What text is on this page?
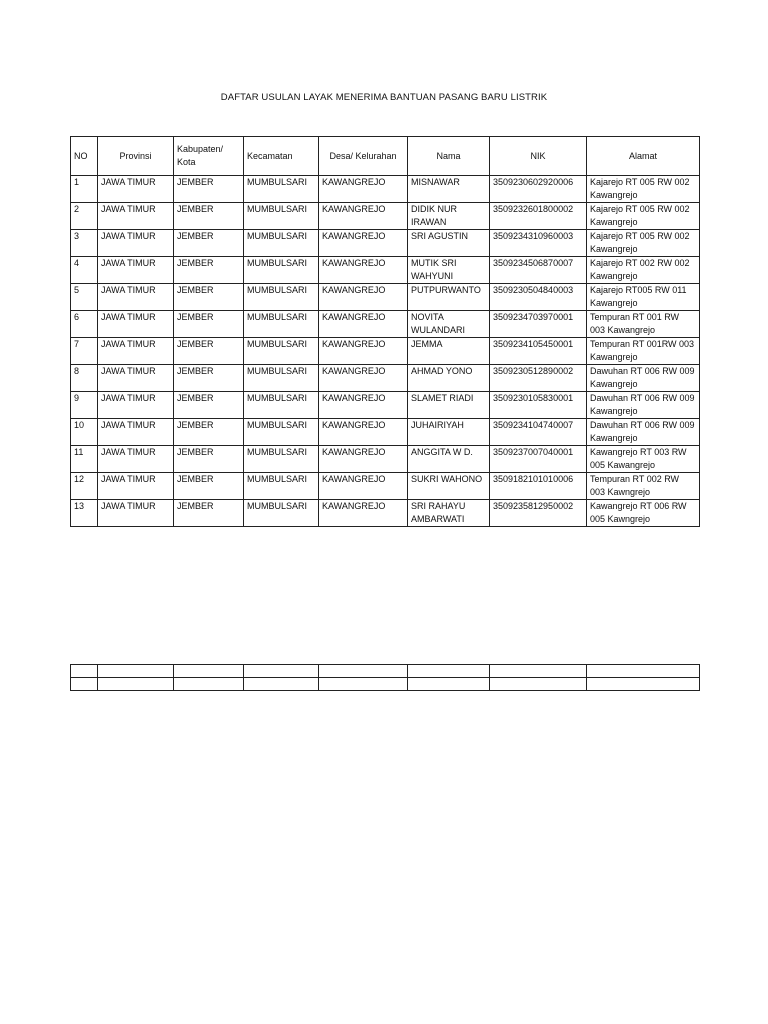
DAFTAR USULAN LAYAK MENERIMA BANTUAN PASANG BARU LISTRIK
NO	Provinsi	Kabupaten/ Kota	Kecamatan	Desa/ Kelurahan	Nama	NIK	Alamat
1	JAWA TIMUR	JEMBER	MUMBULSARI	KAWANGREJO	MISNAWAR	3509230602920006	Kajarejo RT 005 RW 002 Kawangrejo
2	JAWA TIMUR	JEMBER	MUMBULSARI	KAWANGREJO	DIDIK NUR IRAWAN	3509232601800002	Kajarejo RT 005 RW 002 Kawangrejo
3	JAWA TIMUR	JEMBER	MUMBULSARI	KAWANGREJO	SRI AGUSTIN	3509234310960003	Kajarejo RT 005 RW 002 Kawangrejo
4	JAWA TIMUR	JEMBER	MUMBULSARI	KAWANGREJO	MUTIK SRI WAHYUNI	3509234506870007	Kajarejo RT 002 RW 002 Kawangrejo
5	JAWA TIMUR	JEMBER	MUMBULSARI	KAWANGREJO	PUTPURWANTO	3509230504840003	Kajarejo RT005 RW 011 Kawangrejo
6	JAWA TIMUR	JEMBER	MUMBULSARI	KAWANGREJO	NOVITA WULANDARI	3509234703970001	Tempuran RT 001 RW 003 Kawangrejo
7	JAWA TIMUR	JEMBER	MUMBULSARI	KAWANGREJO	JEMMA	3509234105450001	Tempuran RT 001RW 003 Kawangrejo
8	JAWA TIMUR	JEMBER	MUMBULSARI	KAWANGREJO	AHMAD YONO	3509230512890002	Dawuhan RT 006 RW 009 Kawangrejo
9	JAWA TIMUR	JEMBER	MUMBULSARI	KAWANGREJO	SLAMET RIADI	3509230105830001	Dawuhan RT 006 RW 009 Kawangrejo
10	JAWA TIMUR	JEMBER	MUMBULSARI	KAWANGREJO	JUHAIRIYAH	3509234104740007	Dawuhan RT 006 RW 009 Kawangrejo
11	JAWA TIMUR	JEMBER	MUMBULSARI	KAWANGREJO	ANGGITA W D.	3509237007040001	Kawangrejo RT 003 RW 005 Kawangrejo
12	JAWA TIMUR	JEMBER	MUMBULSARI	KAWANGREJO	SUKRI WAHONO	3509182101010006	Tempuran RT 002 RW 003 Kawngrejo
13	JAWA TIMUR	JEMBER	MUMBULSARI	KAWANGREJO	SRI RAHAYU AMBARWATI	3509235812950002	Kawangrejo RT 006 RW 005 Kawngrejo
